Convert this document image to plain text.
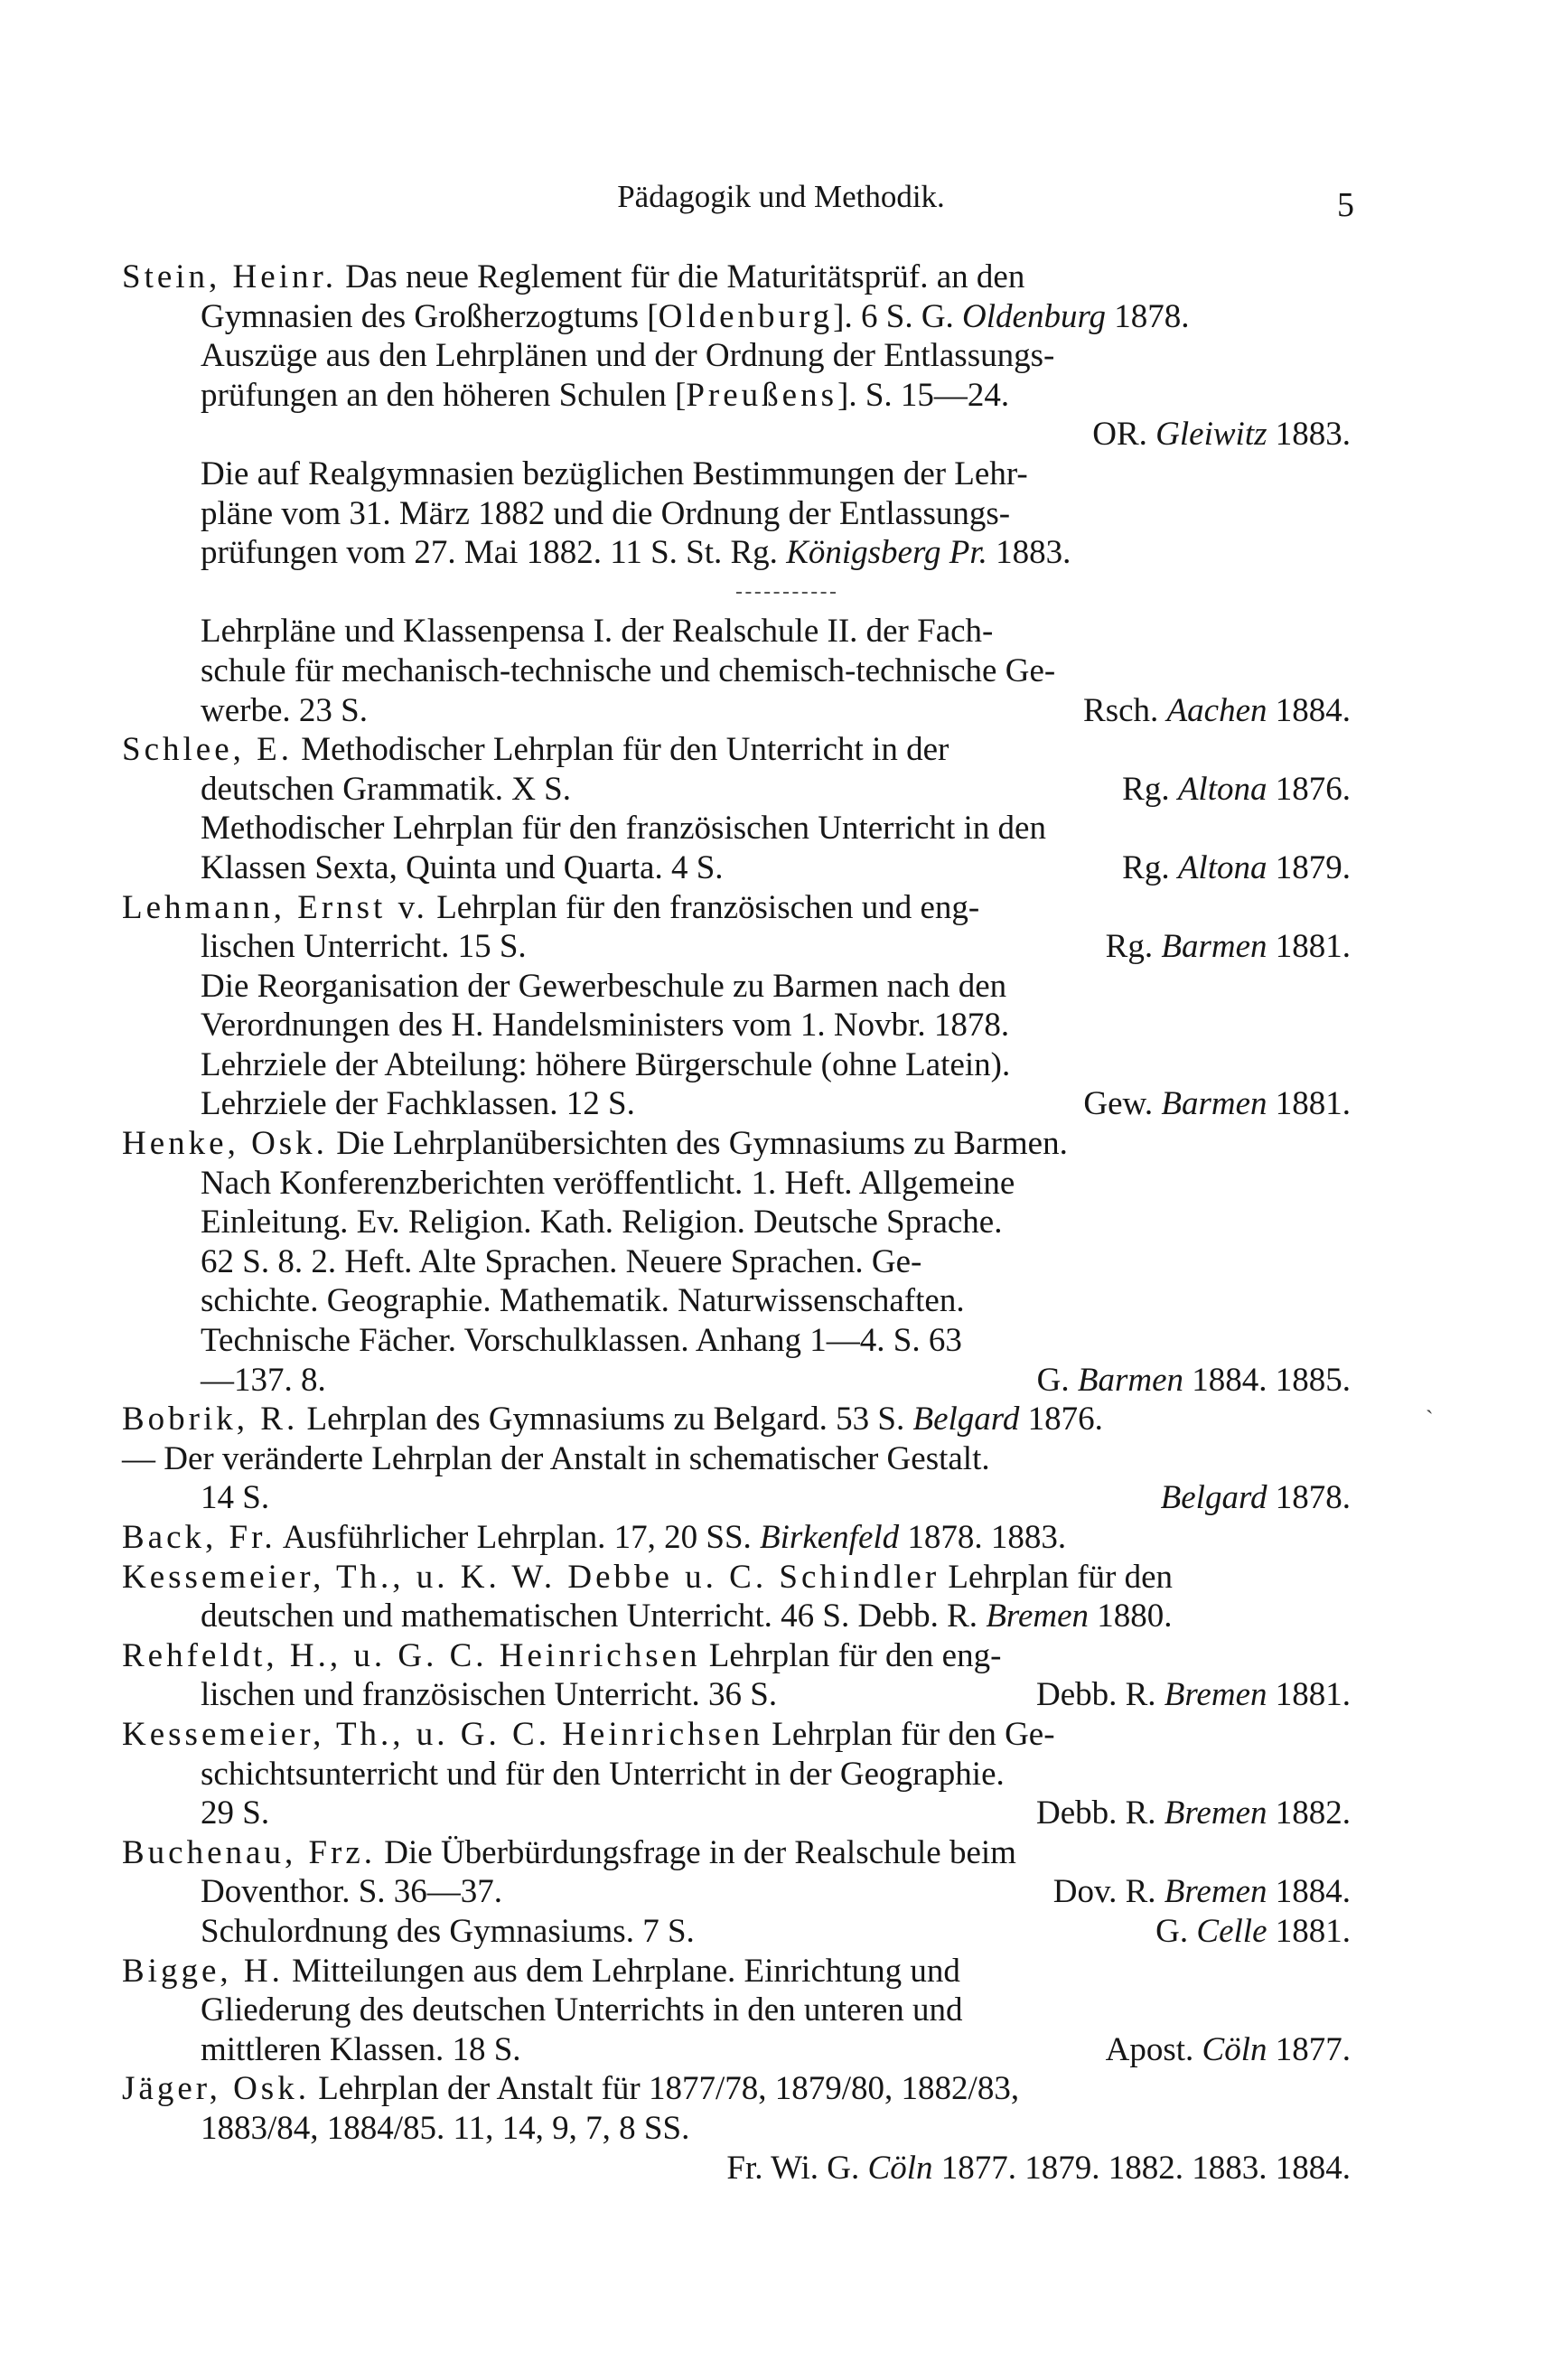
Pädagogik und Methodik.	5
Stein, Heinr. Das neue Reglement für die Maturitätsprüf. an den
Gymnasien des Großherzogtums [Oldenburg]. 6 S. G. Oldenburg 1878.
Auszüge aus den Lehrplänen und der Ordnung der Entlassungs-
prüfungen an den höheren Schulen [Preußens]. S. 15—24.
OR. Gleiwitz 1883.
Die auf Realgymnasien bezüglichen Bestimmungen der Lehr-
pläne vom 31. März 1882 und die Ordnung der Entlassungs-
prüfungen vom 27. Mai 1882. 11 S. St. Rg. Königsberg Pr. 1883.
Lehrpläne und Klassenpensa I. der Realschule II. der Fach-
schule für mechanisch-technische und chemisch-technische Ge-
werbe. 23 S.	Rsch. Aachen 1884.
Schlee, E. Methodischer Lehrplan für den Unterricht in der
deutschen Grammatik. X S.	Rg. Altona 1876.
Methodischer Lehrplan für den französischen Unterricht in den
Klassen Sexta, Quinta und Quarta. 4 S.	Rg. Altona 1879.
Lehmann, Ernst v. Lehrplan für den französischen und eng-
lischen Unterricht. 15 S.	Rg. Barmen 1881.
Die Reorganisation der Gewerbeschule zu Barmen nach den
Verordnungen des H. Handelsministers vom 1. Novbr. 1878.
Lehrziele der Abteilung: höhere Bürgerschule (ohne Latein).
Lehrziele der Fachklassen. 12 S.	Gew. Barmen 1881.
Henke, Osk. Die Lehrplanübersichten des Gymnasiums zu Barmen.
Nach Konferenzberichten veröffentlicht. 1. Heft. Allgemeine
Einleitung. Ev. Religion. Kath. Religion. Deutsche Sprache.
62 S. 8. 2. Heft. Alte Sprachen. Neuere Sprachen. Ge-
schichte. Geographie. Mathematik. Naturwissenschaften.
Technische Fächer. Vorschulklassen. Anhang 1—4. S. 63
—137. 8.	G. Barmen 1884. 1885.
Bobrik, R. Lehrplan des Gymnasiums zu Belgard. 53 S. Belgard 1876.
— Der veränderte Lehrplan der Anstalt in schematischer Gestalt.
14 S.	Belgard 1878.
Back, Fr. Ausführlicher Lehrplan. 17, 20 SS. Birkenfeld 1878. 1883.
Kessemeier, Th., u. K. W. Debbe u. C. Schindler Lehrplan für den
deutschen und mathematischen Unterricht. 46 S. Debb. R. Bremen 1880.
Rehfeldt, H., u. G. C. Heinrichsen Lehrplan für den eng-
lischen und französischen Unterricht. 36 S.	Debb. R. Bremen 1881.
Kessemeier, Th., u. G. C. Heinrichsen Lehrplan für den Ge-
schichtsunterricht und für den Unterricht in der Geographie.
29 S.	Debb. R. Bremen 1882.
Buchenau, Frz. Die Überbürdungsfrage in der Realschule beim
Doventhor. S. 36—37.	Dov. R. Bremen 1884.
Schulordnung des Gymnasiums. 7 S.	G. Celle 1881.
Bigge, H. Mitteilungen aus dem Lehrplane. Einrichtung und
Gliederung des deutschen Unterrichts in den unteren und
mittleren Klassen. 18 S.	Apost. Cöln 1877.
Jäger, Osk. Lehrplan der Anstalt für 1877/78, 1879/80, 1882/83,
1883/84, 1884/85. 11, 14, 9, 7, 8 SS.
Fr. Wi. G. Cöln 1877. 1879. 1882. 1883. 1884.
ˎ
